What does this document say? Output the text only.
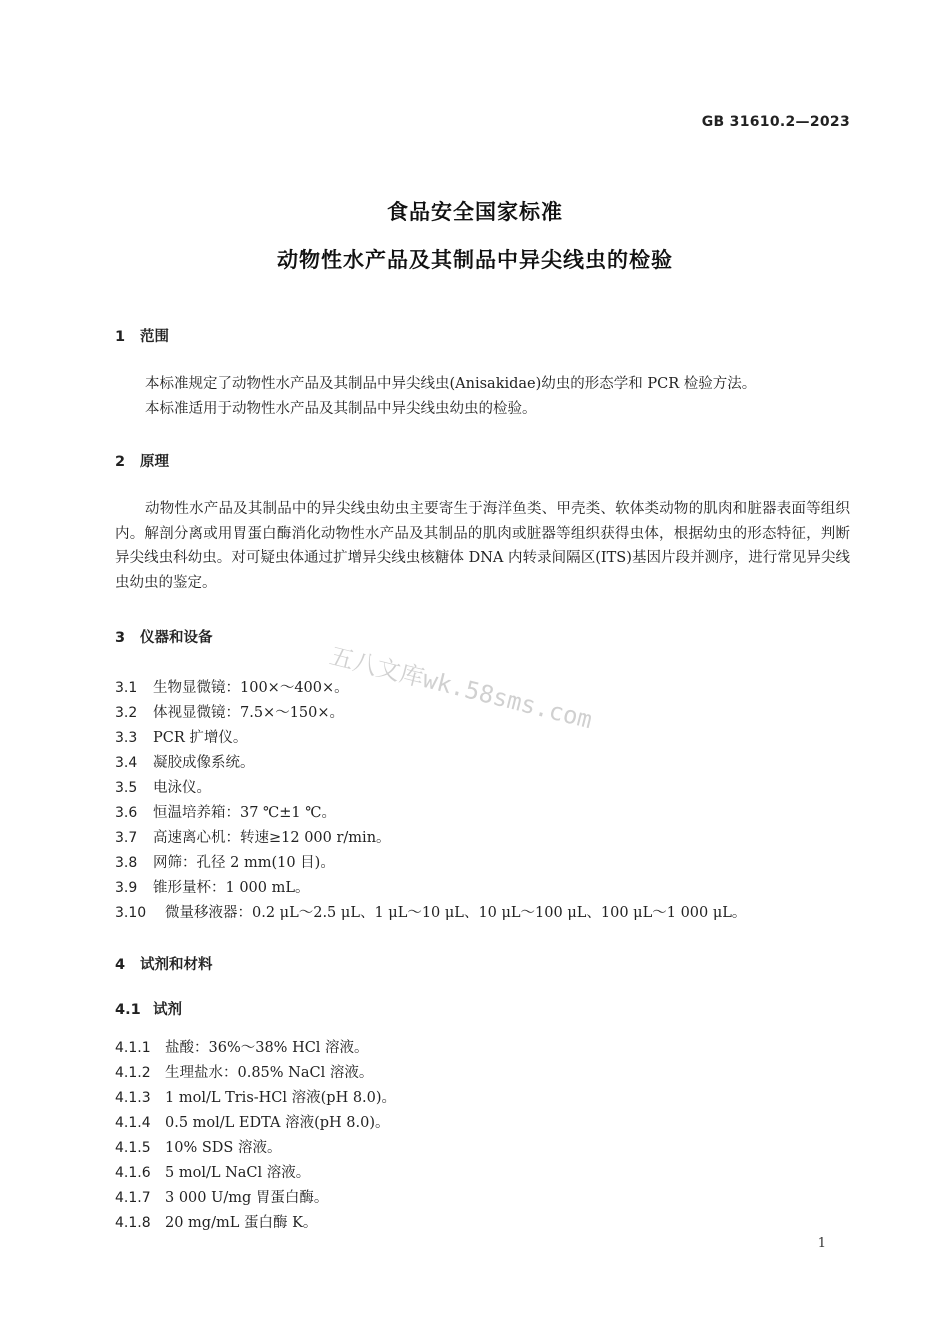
GB 31610.2—2023
食品安全国家标准
动物性水产品及其制品中异尖线虫的检验
1 范围
本标准规定了动物性水产品及其制品中异尖线虫(Anisakidae)幼虫的形态学和 PCR 检验方法。
本标准适用于动物性水产品及其制品中异尖线虫幼虫的检验。
2 原理
动物性水产品及其制品中的异尖线虫幼虫主要寄生于海洋鱼类、甲壳类、软体类动物的肌肉和脏器表面等组织内。解剖分离或用胃蛋白酶消化动物性水产品及其制品的肌肉或脏器等组织获得虫体，根据幼虫的形态特征，判断异尖线虫科幼虫。对可疑虫体通过扩增异尖线虫核糖体 DNA 内转录间隔区(ITS)基因片段并测序，进行常见异尖线虫幼虫的鉴定。
3 仪器和设备
3.1 生物显微镜：100×～400×。
3.2 体视显微镜：7.5×～150×。
3.3 PCR 扩增仪。
3.4 凝胶成像系统。
3.5 电泳仪。
3.6 恒温培养箱：37 ℃±1 ℃。
3.7 高速离心机：转速≥12 000 r/min。
3.8 网筛：孔径 2 mm(10 目)。
3.9 锥形量杯：1 000 mL。
3.10 微量移液器：0.2 μL～2.5 μL、1 μL～10 μL、10 μL～100 μL、100 μL～1 000 μL。
4 试剂和材料
4.1 试剂
4.1.1 盐酸：36%～38% HCl 溶液。
4.1.2 生理盐水：0.85% NaCl 溶液。
4.1.3 1 mol/L Tris-HCl 溶液(pH 8.0)。
4.1.4 0.5 mol/L EDTA 溶液(pH 8.0)。
4.1.5 10% SDS 溶液。
4.1.6 5 mol/L NaCl 溶液。
4.1.7 3 000 U/mg 胃蛋白酶。
4.1.8 20 mg/mL 蛋白酶 K。
五八文库wk.58sms.com
1
